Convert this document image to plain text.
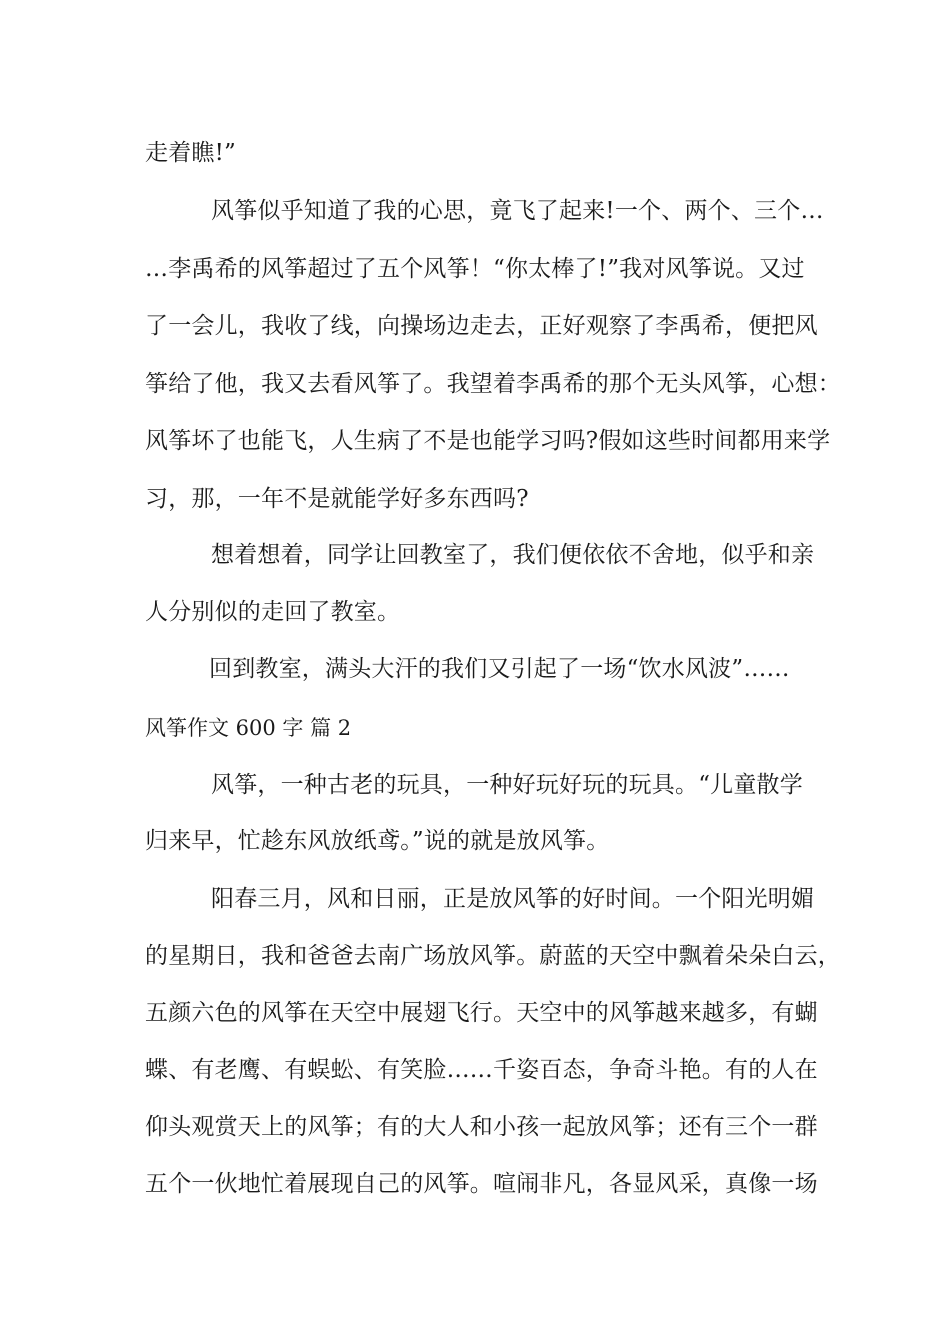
走着瞧!”
风筝似乎知道了我的心思，竟飞了起来!一个、两个、三个…
…李禹希的风筝超过了五个风筝！“你太棒了!”我对风筝说。又过
了一会儿，我收了线，向操场边走去，正好观察了李禹希，便把风
筝给了他，我又去看风筝了。我望着李禹希的那个无头风筝，心想：
风筝坏了也能飞，人生病了不是也能学习吗?假如这些时间都用来学
习，那，一年不是就能学好多东西吗?
想着想着，同学让回教室了，我们便依依不舍地，似乎和亲
人分别似的走回了教室。
回到教室，满头大汗的我们又引起了一场“饮水风波”……
风筝作文 600 字 篇 2
风筝，一种古老的玩具，一种好玩好玩的玩具。“儿童散学
归来早，忙趁东风放纸鸢。”说的就是放风筝。
阳春三月，风和日丽，正是放风筝的好时间。一个阳光明媚
的星期日，我和爸爸去南广场放风筝。蔚蓝的天空中飘着朵朵白云，
五颜六色的风筝在天空中展翅飞行。天空中的风筝越来越多，有蝴
蝶、有老鹰、有蜈蚣、有笑脸……千姿百态，争奇斗艳。有的人在
仰头观赏天上的风筝；有的大人和小孩一起放风筝；还有三个一群
五个一伙地忙着展现自己的风筝。喧闹非凡，各显风采，真像一场
